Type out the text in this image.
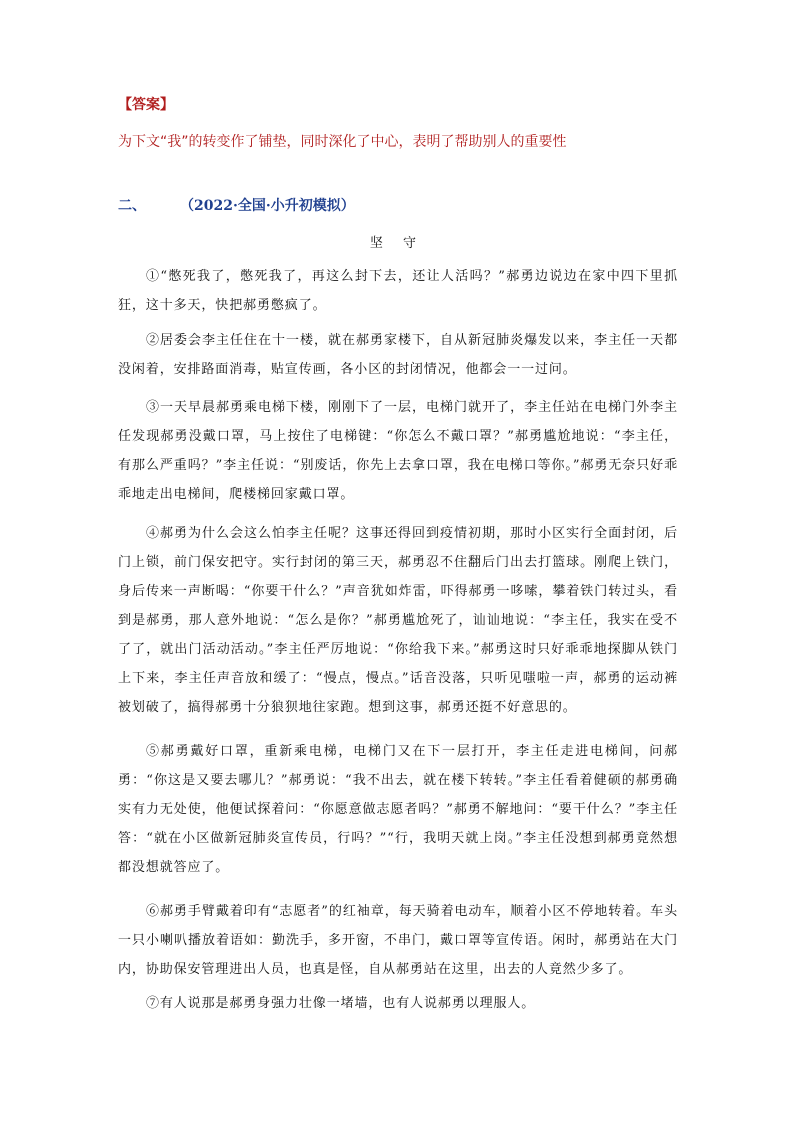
【答案】
为下文“我”的转变作了铺垫，同时深化了中心，表明了帮助别人的重要性
二、 （2022·全国·小升初模拟）
坚 守
①“憋死我了，憋死我了，再这么封下去，还让人活吗？”郝勇边说边在家中四下里抓狂，这十多天，快把郝勇憋疯了。
②居委会李主任住在十一楼，就在郝勇家楼下，自从新冠肺炎爆发以来，李主任一天都没闲着，安排路面消毒，贴宣传画，各小区的封闭情况，他都会一一过问。
③一天早晨郝勇乘电梯下楼，刚刚下了一层，电梯门就开了，李主任站在电梯门外李主任发现郝勇没戴口罩，马上按住了电梯键：“你怎么不戴口罩？”郝勇尴尬地说：“李主任，有那么严重吗？”李主任说：“别废话，你先上去拿口罩，我在电梯口等你。”郝勇无奈只好乖乖地走出电梯间，爬楼梯回家戴口罩。
④郝勇为什么会这么怕李主任呢？这事还得回到疫情初期，那时小区实行全面封闭，后门上锁，前门保安把守。实行封闭的第三天，郝勇忍不住翻后门出去打篮球。刚爬上铁门，身后传来一声断喝：“你要干什么？”声音犹如炸雷，吓得郝勇一哆嗦，攀着铁门转过头，看到是郝勇，那人意外地说：“怎么是你？”郝勇尴尬死了，讪讪地说：“李主任，我实在受不了了，就出门活动活动。”李主任严厉地说：“你给我下来。”郝勇这时只好乖乖地探脚从铁门上下来，李主任声音放和缓了：“慢点，慢点。”话音没落，只听见嗤啦一声，郝勇的运动裤被划破了，搞得郝勇十分狼狈地往家跑。想到这事，郝勇还挺不好意思的。
⑤郝勇戴好口罩，重新乘电梯，电梯门又在下一层打开，李主任走进电梯间，问郝勇：“你这是又要去哪儿？”郝勇说：“我不出去，就在楼下转转。”李主任看着健硕的郝勇确实有力无处使，他便试探着问：“你愿意做志愿者吗？”郝勇不解地问：“要干什么？”李主任答：“就在小区做新冠肺炎宣传员，行吗？”“行，我明天就上岗。”李主任没想到郝勇竟然想都没想就答应了。
⑥郝勇手臂戴着印有“志愿者”的红袖章，每天骑着电动车，顺着小区不停地转着。车头一只小喇叭播放着语如：勤洗手，多开窗，不串门，戴口罩等宣传语。闲时，郝勇站在大门内，协助保安管理进出人员，也真是怪，自从郝勇站在这里，出去的人竟然少多了。
⑦有人说那是郝勇身强力壮像一堵墙，也有人说郝勇以理服人。
